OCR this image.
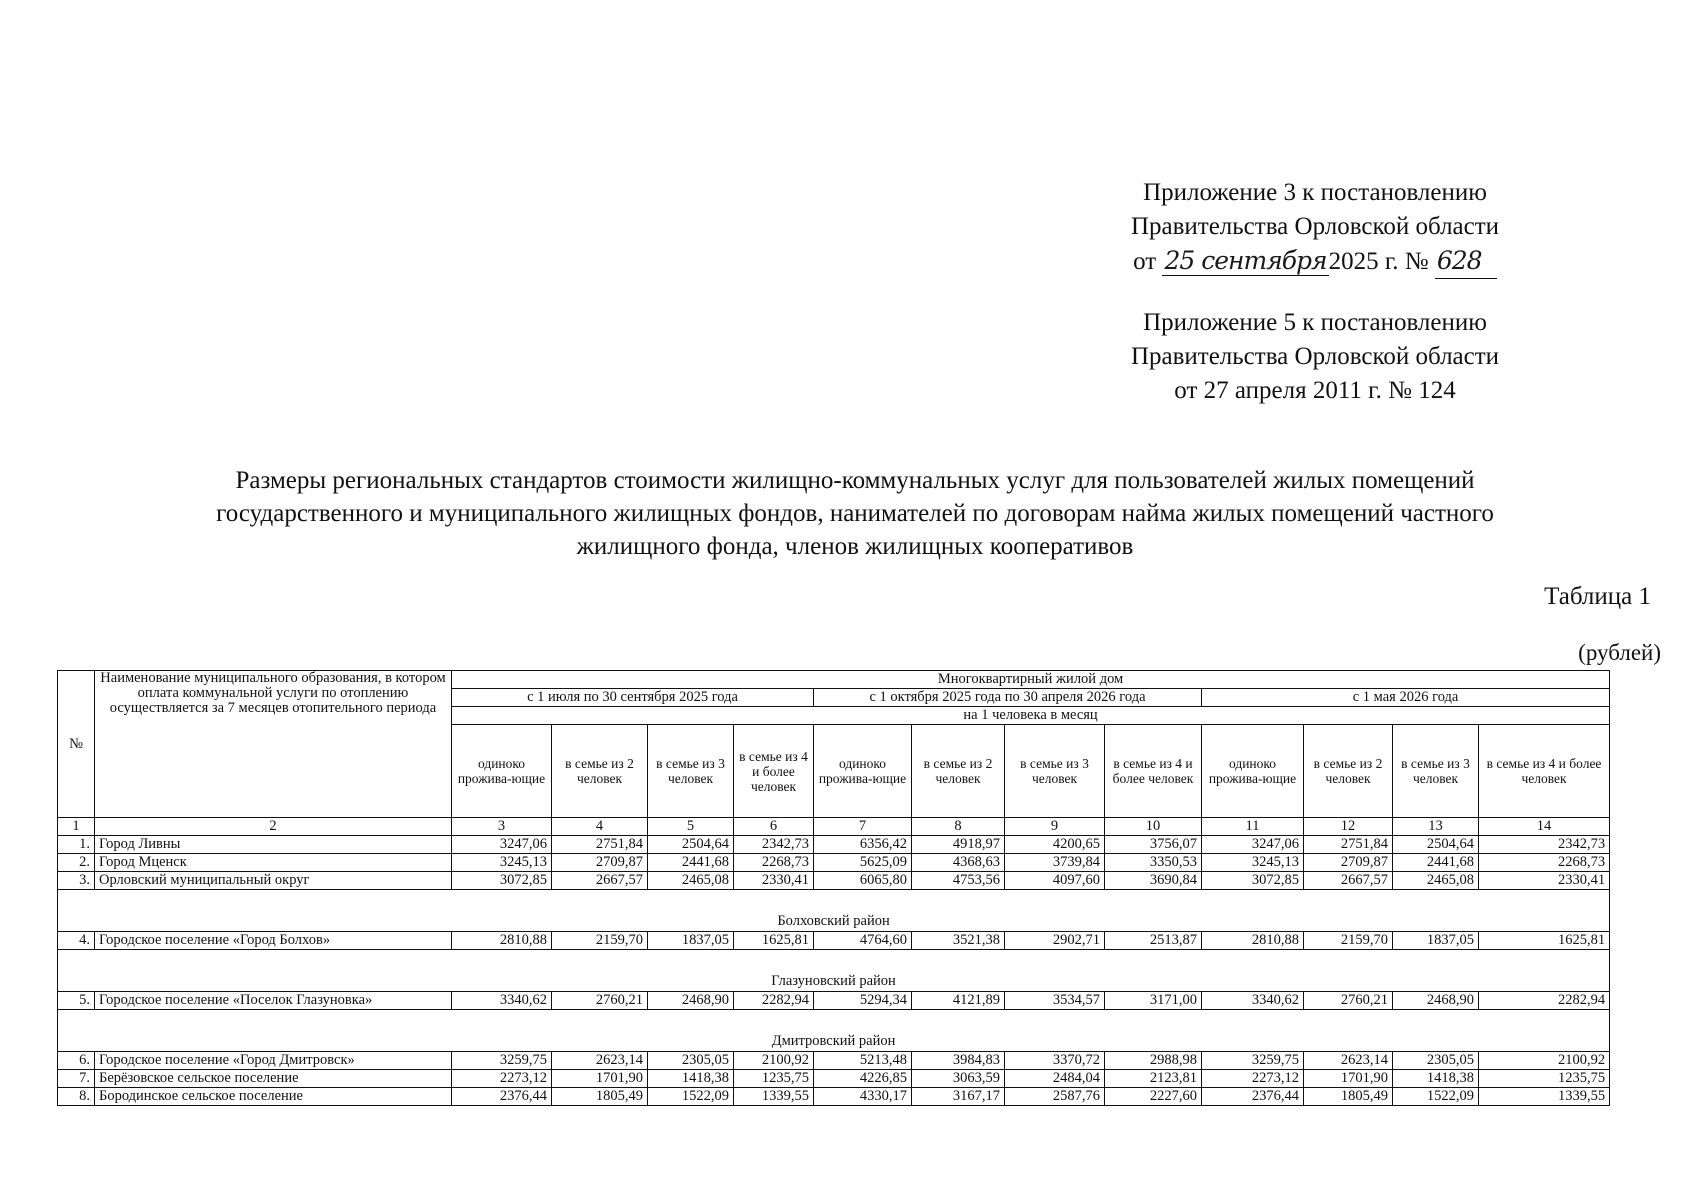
Приложение 3 к постановлению
Правительства Орловской области
от 25 сентября2025 г. № 628
Приложение 5 к постановлению
Правительства Орловской области
от 27 апреля 2011 г. № 124
Размеры региональных стандартов стоимости жилищно-коммунальных услуг для пользователей жилых помещений
государственного и муниципального жилищных фондов, нанимателей по договорам найма жилых помещений частного
жилищного фонда, членов жилищных кооперативов
Таблица 1
(рублей)
№	Наименование муниципального образования, в котором оплата коммунальной услуги по отоплению осуществляется за 7 месяцев отопительного периода	Многоквартирный жилой дом											
		с 1 июля по 30 сентября 2025 года				с 1 октября 2025 года по 30 апреля 2026 года				с 1 мая 2026 года			
		на 1 человека в месяц											
		одиноко прожива-ющие	в семье из 2 человек	в семье из 3 человек	в семье из 4 и более человек	одиноко прожива-ющие	в семье из 2 человек	в семье из 3 человек	в семье из 4 и более человек	одиноко прожива-ющие	в семье из 2 человек	в семье из 3 человек	в семье из 4 и более человек
1	2	3	4	5	6	7	8	9	10	11	12	13	14
1.	Город Ливны	3247,06	2751,84	2504,64	2342,73	6356,42	4918,97	4200,65	3756,07	3247,06	2751,84	2504,64	2342,73
2.	Город Мценск	3245,13	2709,87	2441,68	2268,73	5625,09	4368,63	3739,84	3350,53	3245,13	2709,87	2441,68	2268,73
3.	Орловский муниципальный округ	3072,85	2667,57	2465,08	2330,41	6065,80	4753,56	4097,60	3690,84	3072,85	2667,57	2465,08	2330,41
Болховский район													
4.	Городское поселение «Город Болхов»	2810,88	2159,70	1837,05	1625,81	4764,60	3521,38	2902,71	2513,87	2810,88	2159,70	1837,05	1625,81
Глазуновский район													
5.	Городское поселение «Поселок Глазуновка»	3340,62	2760,21	2468,90	2282,94	5294,34	4121,89	3534,57	3171,00	3340,62	2760,21	2468,90	2282,94
Дмитровский район													
6.	Городское поселение «Город Дмитровск»	3259,75	2623,14	2305,05	2100,92	5213,48	3984,83	3370,72	2988,98	3259,75	2623,14	2305,05	2100,92
7.	Берёзовское сельское поселение	2273,12	1701,90	1418,38	1235,75	4226,85	3063,59	2484,04	2123,81	2273,12	1701,90	1418,38	1235,75
8.	Бородинское сельское поселение	2376,44	1805,49	1522,09	1339,55	4330,17	3167,17	2587,76	2227,60	2376,44	1805,49	1522,09	1339,55
